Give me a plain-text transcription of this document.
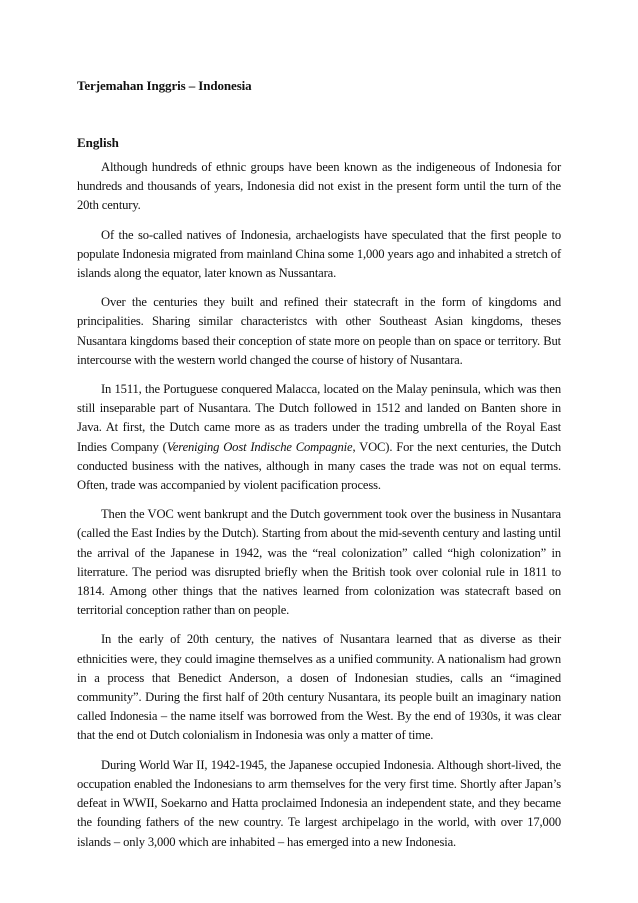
Terjemahan Inggris – Indonesia
English

Although hundreds of ethnic groups have been known as the indigeneous of Indonesia for hundreds and thousands of years, Indonesia did not exist in the present form until the turn of the 20th century.

Of the so-called natives of Indonesia, archaelogists have speculated that the first people to populate Indonesia migrated from mainland China some 1,000 years ago and inhabited a stretch of islands along the equator, later known as Nussantara.

Over the centuries they built and refined their statecraft in the form of kingdoms and principalities. Sharing similar characteristcs with other Southeast Asian kingdoms, theses Nusantara kingdoms based their conception of state more on people than on space or territory. But intercourse with the western world changed the course of history of Nusantara.

In 1511, the Portuguese conquered Malacca, located on the Malay peninsula, which was then still inseparable part of Nusantara. The Dutch followed in 1512 and landed on Banten shore in Java. At first, the Dutch came more as as traders under the trading umbrella of the Royal East Indies Company (Vereniging Oost Indische Compagnie, VOC). For the next centuries, the Dutch conducted business with the natives, although in many cases the trade was not on equal terms. Often, trade was accompanied by violent pacification process.

Then the VOC went bankrupt and the Dutch government took over the business in Nusantara (called the East Indies by the Dutch). Starting from about the mid-seventh century and lasting until the arrival of the Japanese in 1942, was the “real colonization” called “high colonization” in literrature. The period was disrupted briefly when the British took over colonial rule in 1811 to 1814. Among other things that the natives learned from colonization was statecraft based on territorial conception rather than on people.

In the early of 20th century, the natives of Nusantara learned that as diverse as their ethnicities were, they could imagine themselves as a unified community. A nationalism had grown in a process that Benedict Anderson, a dosen of Indonesian studies, calls an “imagined community”. During the first half of 20th century Nusantara, its people built an imaginary nation called Indonesia – the name itself was borrowed from the West. By the end of 1930s, it was clear that the end ot Dutch colonialism in Indonesia was only a matter of time.

During World War II, 1942-1945, the Japanese occupied Indonesia. Although short-lived, the occupation enabled the Indonesians to arm themselves for the very first time. Shortly after Japan’s defeat in WWII, Soekarno and Hatta proclaimed Indonesia an independent state, and they became the founding fathers of the new country. Te largest archipelago in the world, with over 17,000 islands – only 3,000 which are inhabited – has emerged into a new Indonesia.
